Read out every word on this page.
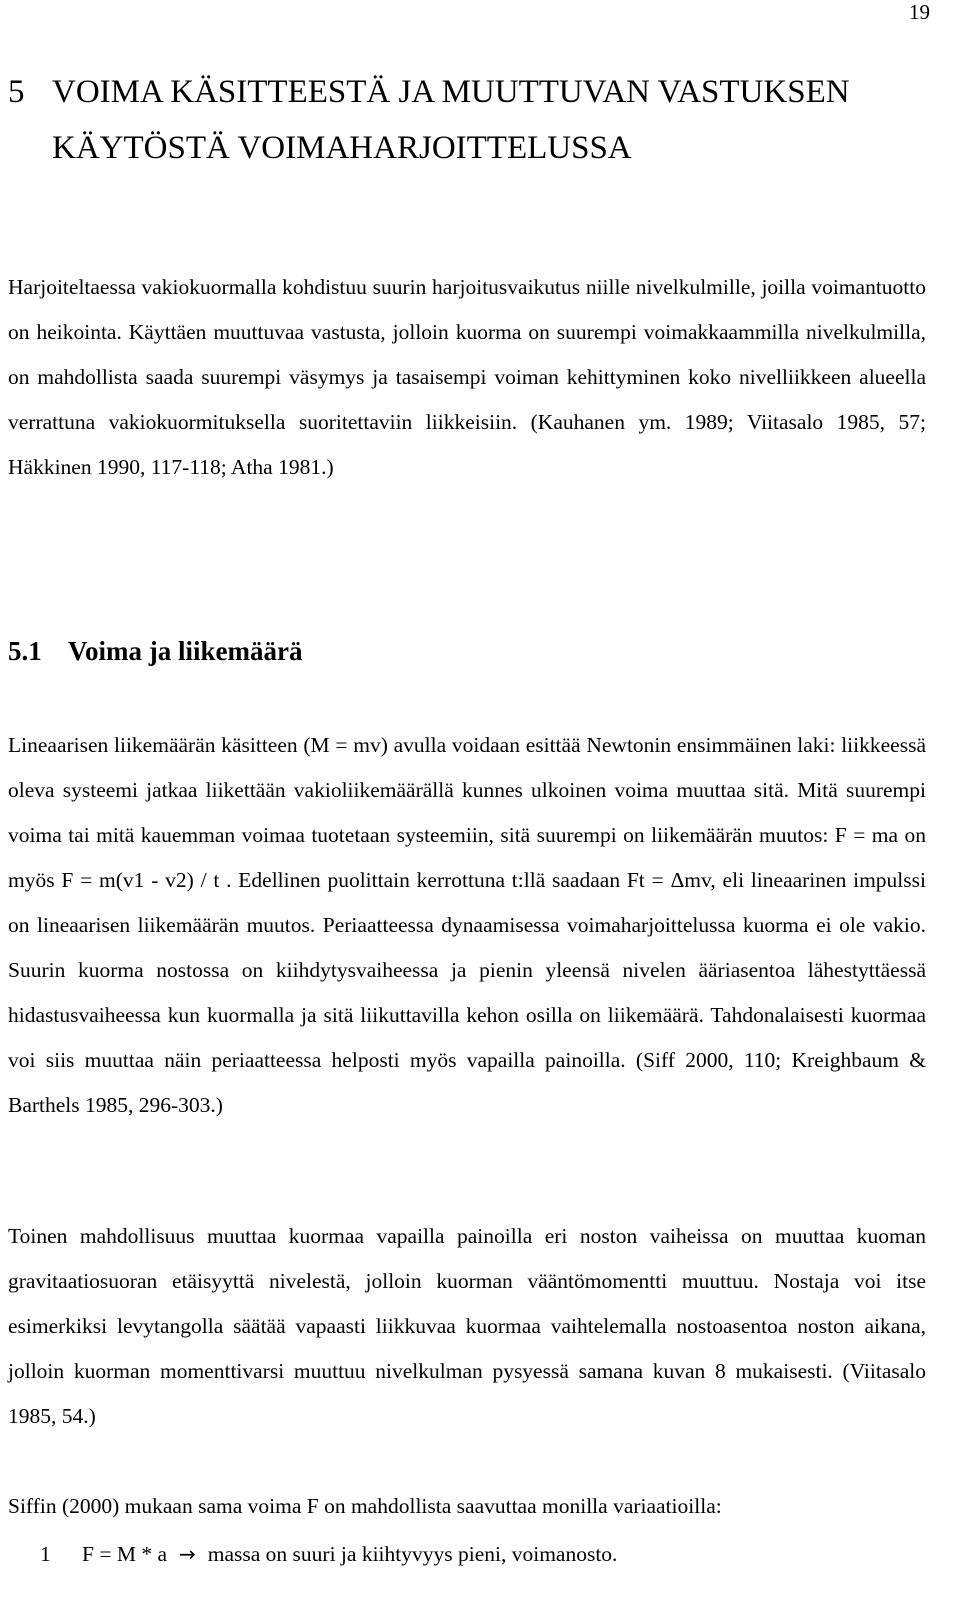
19
5 VOIMA KÄSITTEESTÄ JA MUUTTUVAN VASTUKSEN
KÄYTÖSTÄ VOIMAHARJOITTELUSSA

Harjoiteltaessa vakiokuormalla kohdistuu suurin harjoitusvaikutus niille nivelkulmille, joilla voimantuotto on heikointa. Käyttäen muuttuvaa vastusta, jolloin kuorma on suurempi voimakkaammilla nivelkulmilla, on mahdollista saada suurempi väsymys ja tasaisempi voiman kehittyminen koko nivelliikkeen alueella verrattuna vakiokuormituksella suoritettaviin liikkeisiin. (Kauhanen ym. 1989; Viitasalo 1985, 57; Häkkinen 1990, 117-118; Atha 1981.)

5.1 Voima ja liikemäärä

Lineaarisen liikemäärän käsitteen (M = mv) avulla voidaan esittää Newtonin ensimmäinen laki: liikkeessä oleva systeemi jatkaa liikettään vakioliikemäärällä kunnes ulkoinen voima muuttaa sitä. Mitä suurempi voima tai mitä kauemman voimaa tuotetaan systeemiin, sitä suurempi on liikemäärän muutos: F = ma on myös F = m(v1 - v2) / t . Edellinen puolittain kerrottuna t:llä saadaan Ft = Δmv, eli lineaarinen impulssi on lineaarisen liikemäärän muutos. Periaatteessa dynaamisessa voimaharjoittelussa kuorma ei ole vakio. Suurin kuorma nostossa on kiihdytysvaiheessa ja pienin yleensä nivelen ääriasentoa lähestyttäessä hidastusvaiheessa kun kuormalla ja sitä liikuttavilla kehon osilla on liikemäärä. Tahdonalaisesti kuormaa voi siis muuttaa näin periaatteessa helposti myös vapailla painoilla. (Siff 2000, 110; Kreighbaum & Barthels 1985, 296-303.)

Toinen mahdollisuus muuttaa kuormaa vapailla painoilla eri noston vaiheissa on muuttaa kuoman gravitaatiosuoran etäisyyttä nivelestä, jolloin kuorman vääntömomentti muuttuu. Nostaja voi itse esimerkiksi levytangolla säätää vapaasti liikkuvaa kuormaa vaihtelemalla nostoasentoa noston aikana, jolloin kuorman momenttivarsi muuttuu nivelkulman pysyessä samana kuvan 8 mukaisesti. (Viitasalo 1985, 54.)

Siffin (2000) mukaan sama voima F on mahdollista saavuttaa monilla variaatioilla:

1 F = M * a → massa on suuri ja kiihtyvyys pieni, voimanosto.
